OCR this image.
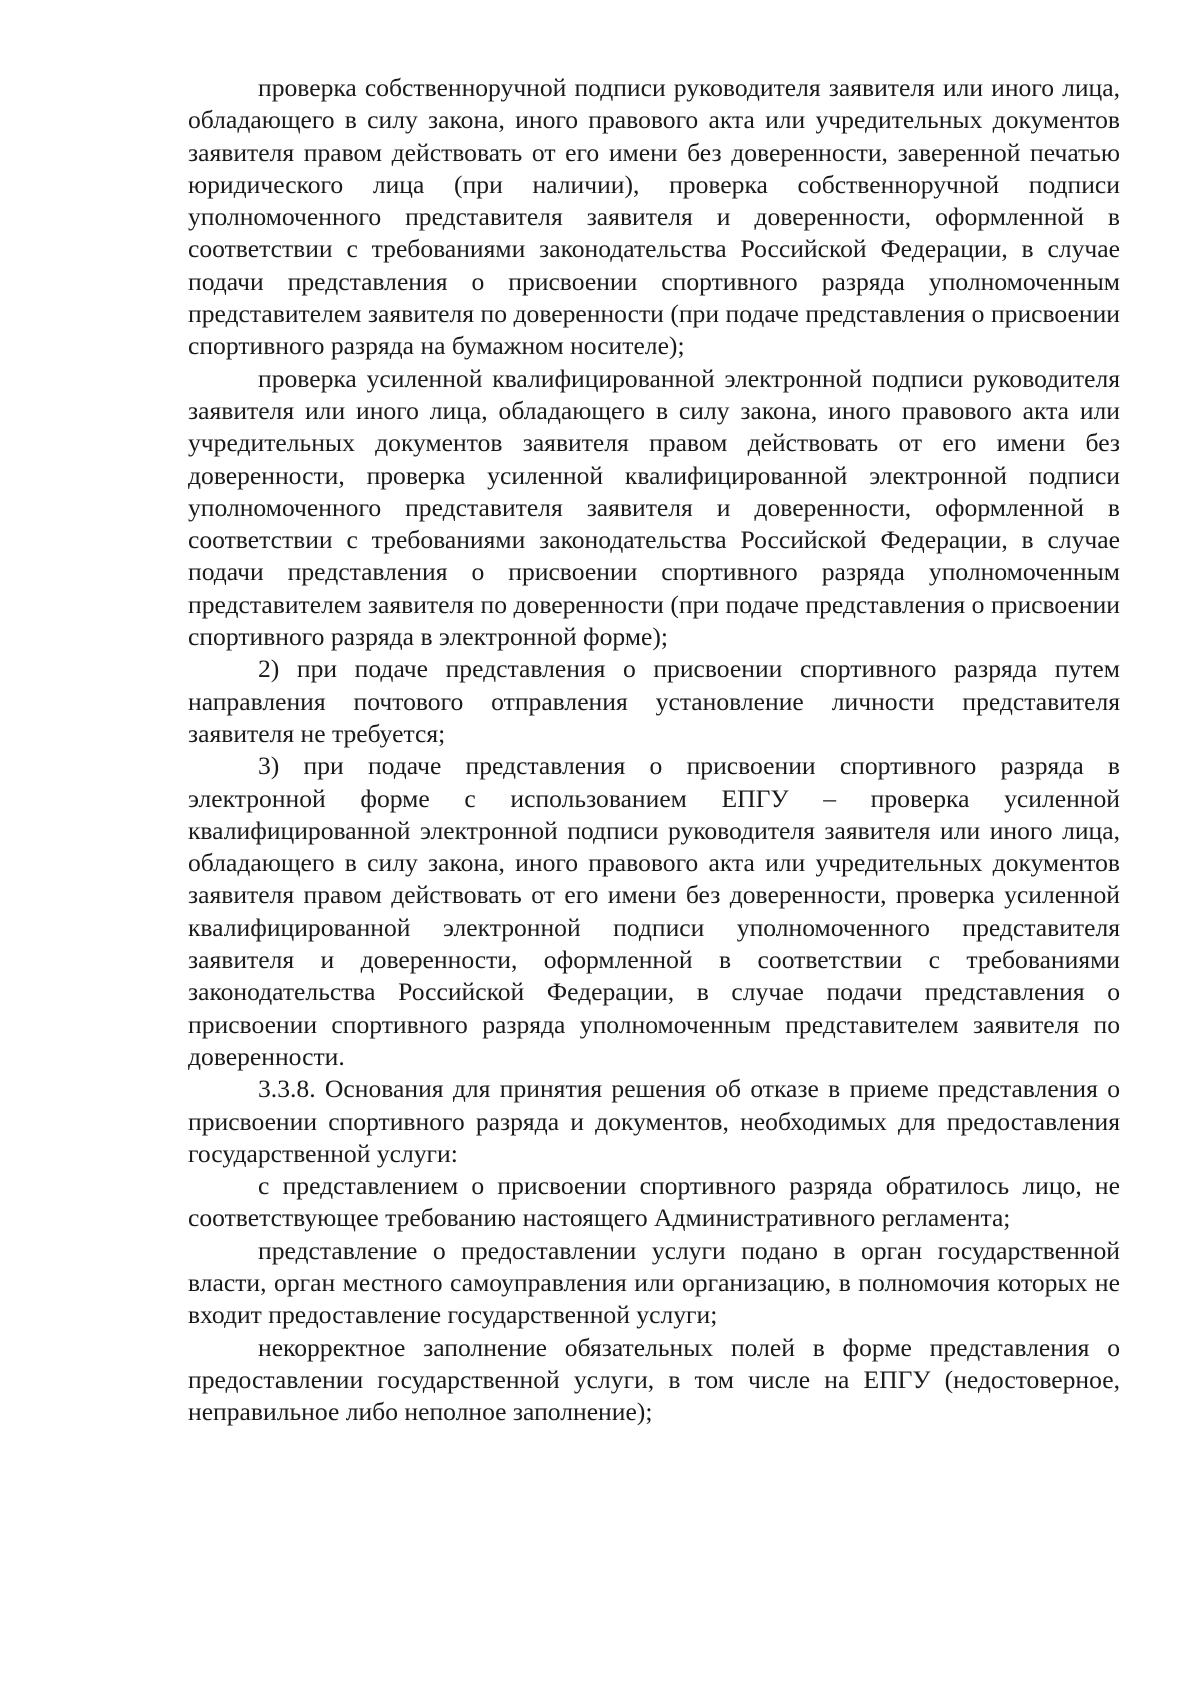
проверка собственноручной подписи руководителя заявителя или иного лица, обладающего в силу закона, иного правового акта или учредительных документов заявителя правом действовать от его имени без доверенности, заверенной печатью юридического лица (при наличии), проверка собственноручной подписи уполномоченного представителя заявителя и доверенности, оформленной в соответствии с требованиями законодательства Российской Федерации, в случае подачи представления о присвоении спортивного разряда уполномоченным представителем заявителя по доверенности (при подаче представления о присвоении спортивного разряда на бумажном носителе);

проверка усиленной квалифицированной электронной подписи руководителя заявителя или иного лица, обладающего в силу закона, иного правового акта или учредительных документов заявителя правом действовать от его имени без доверенности, проверка усиленной квалифицированной электронной подписи уполномоченного представителя заявителя и доверенности, оформленной в соответствии с требованиями законодательства Российской Федерации, в случае подачи представления о присвоении спортивного разряда уполномоченным представителем заявителя по доверенности (при подаче представления о присвоении спортивного разряда в электронной форме);

2) при подаче представления о присвоении спортивного разряда путем направления почтового отправления установление личности представителя заявителя не требуется;

3) при подаче представления о присвоении спортивного разряда в электронной форме с использованием ЕПГУ – проверка усиленной квалифицированной электронной подписи руководителя заявителя или иного лица, обладающего в силу закона, иного правового акта или учредительных документов заявителя правом действовать от его имени без доверенности, проверка усиленной квалифицированной электронной подписи уполномоченного представителя заявителя и доверенности, оформленной в соответствии с требованиями законодательства Российской Федерации, в случае подачи представления о присвоении спортивного разряда уполномоченным представителем заявителя по доверенности.

3.3.8. Основания для принятия решения об отказе в приеме представления о присвоении спортивного разряда и документов, необходимых для предоставления государственной услуги:

с представлением о присвоении спортивного разряда обратилось лицо, не соответствующее требованию настоящего Административного регламента;

представление о предоставлении услуги подано в орган государственной власти, орган местного самоуправления или организацию, в полномочия которых не входит предоставление государственной услуги;

некорректное заполнение обязательных полей в форме представления о предоставлении государственной услуги, в том числе на ЕПГУ (недостоверное, неправильное либо неполное заполнение);
